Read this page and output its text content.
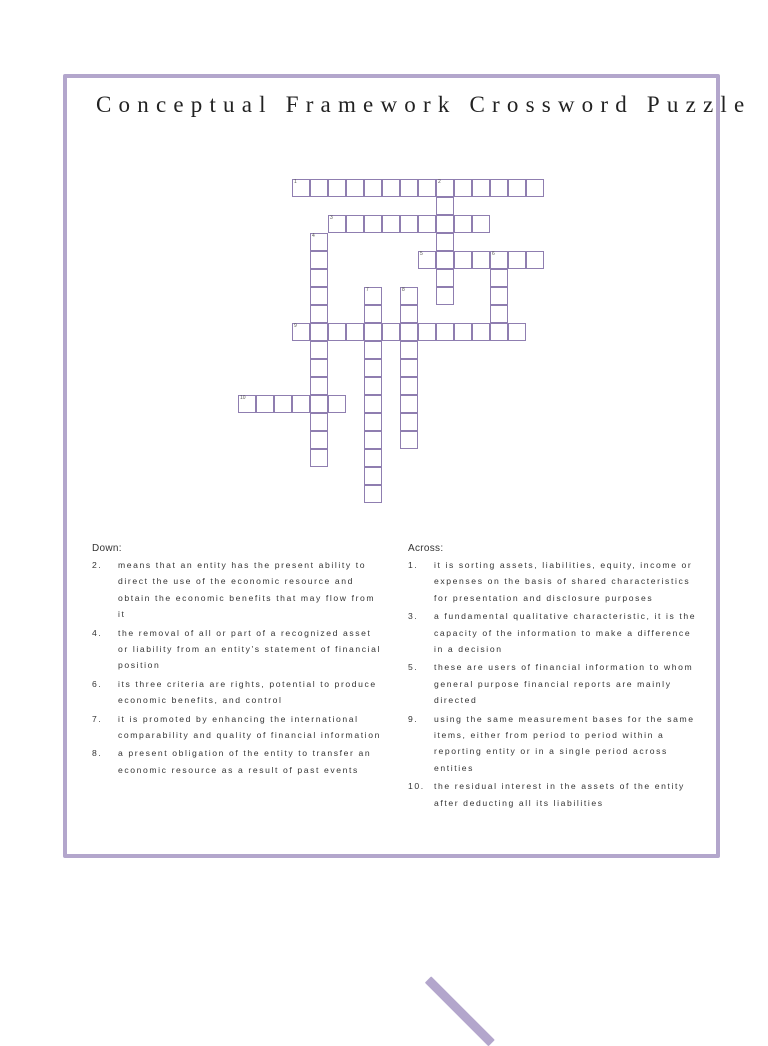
Conceptual Framework Crossword Puzzle
1	2
3
4
5	6
7	8
9
10
Down:
2. means that an entity has the present ability to direct the use of the economic resource and obtain the economic benefits that may flow from it
4. the removal of all or part of a recognized asset or liability from an entity's statement of financial position
6. its three criteria are rights, potential to produce economic benefits, and control
7. it is promoted by enhancing the international comparability and quality of financial information
8. a present obligation of the entity to transfer an economic resource as a result of past events
Across:
1. it is sorting assets, liabilities, equity, income or expenses on the basis of shared characteristics for presentation and disclosure purposes
3. a fundamental qualitative characteristic, it is the capacity of the information to make a difference in a decision
5. these are users of financial information to whom general purpose financial reports are mainly directed
9. using the same measurement bases for the same items, either from period to period within a reporting entity or in a single period across entities
10. the residual interest in the assets of the entity after deducting all its liabilities
